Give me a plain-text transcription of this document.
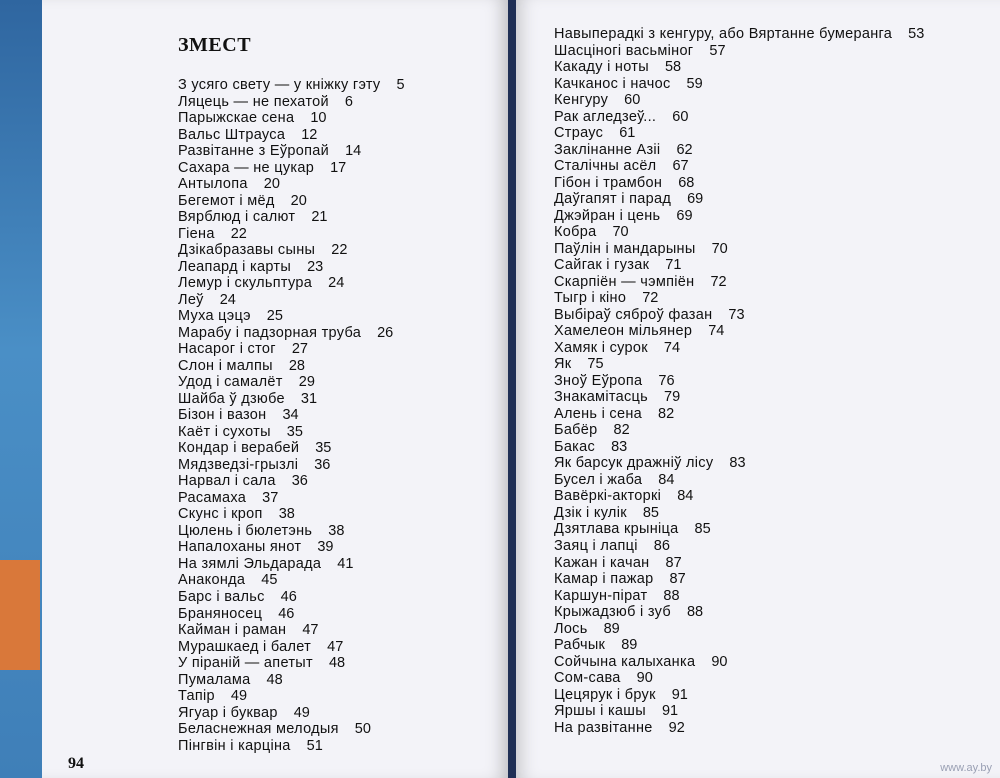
ЗМЕСТ
З усяго свету — у кніжку гэту 5
Ляцець — не пехатой 6
Парыжскае сена 10
Вальс Штрауса 12
Развітанне з Еўропай 14
Сахара — не цукар 17
Антылопа 20
Бегемот і мёд 20
Вярблюд і салют 21
Гіена 22
Дзікабразавы сыны 22
Леапард і карты 23
Лемур і скульптура 24
Леў 24
Муха цэцэ 25
Марабу і падзорная труба 26
Насарог і стог 27
Слон і малпы 28
Удод і самалёт 29
Шайба ў дзюбе 31
Бізон і вазон 34
Каёт і сухоты 35
Кондар і верабей 35
Мядзведзі-грызлі 36
Нарвал і сала 36
Расамаха 37
Скунс і кроп 38
Цюлень і бюлетэнь 38
Напалоханы янот 39
На зямлі Эльдарада 41
Анаконда 45
Барс і вальс 46
Браняносец 46
Кайман і раман 47
Мурашкаед і балет 47
У піраній — апетыт 48
Пумалама 48
Тапір 49
Ягуар і буквар 49
Беласнежная мелодыя 50
Пінгвін і карціна 51
Навыперадкі з кенгуру, або Вяртанне бумеранга 53
Шасціногі васьміног 57
Какаду і ноты 58
Качканос і начос 59
Кенгуру 60
Рак агледзеў... 60
Страус 61
Заклінанне Азіі 62
Сталічны асёл 67
Гібон і трамбон 68
Даўгапят і парад 69
Джэйран і цень 69
Кобра 70
Паўлін і мандарыны 70
Сайгак і гузак 71
Скарпіён — чэмпіён 72
Тыгр і кіно 72
Выбіраў сяброў фазан 73
Хамелеон мільянер 74
Хамяк і сурок 74
Як 75
Зноў Еўропа 76
Знакамітасць 79
Алень і сена 82
Бабёр 82
Бакас 83
Як барсук дражніў лісу 83
Бусел і жаба 84
Вавёркі-акторкі 84
Дзік і кулік 85
Дзятлава крыніца 85
Заяц і лапці 86
Кажан і качан 87
Камар і пажар 87
Каршун-пірат 88
Крыжадзюб і зуб 88
Лось 89
Рабчык 89
Сойчына калыханка 90
Сом-сава 90
Цецярук і брук 91
Яршы і кашы 91
На развітанне 92
94	www.ay.by
